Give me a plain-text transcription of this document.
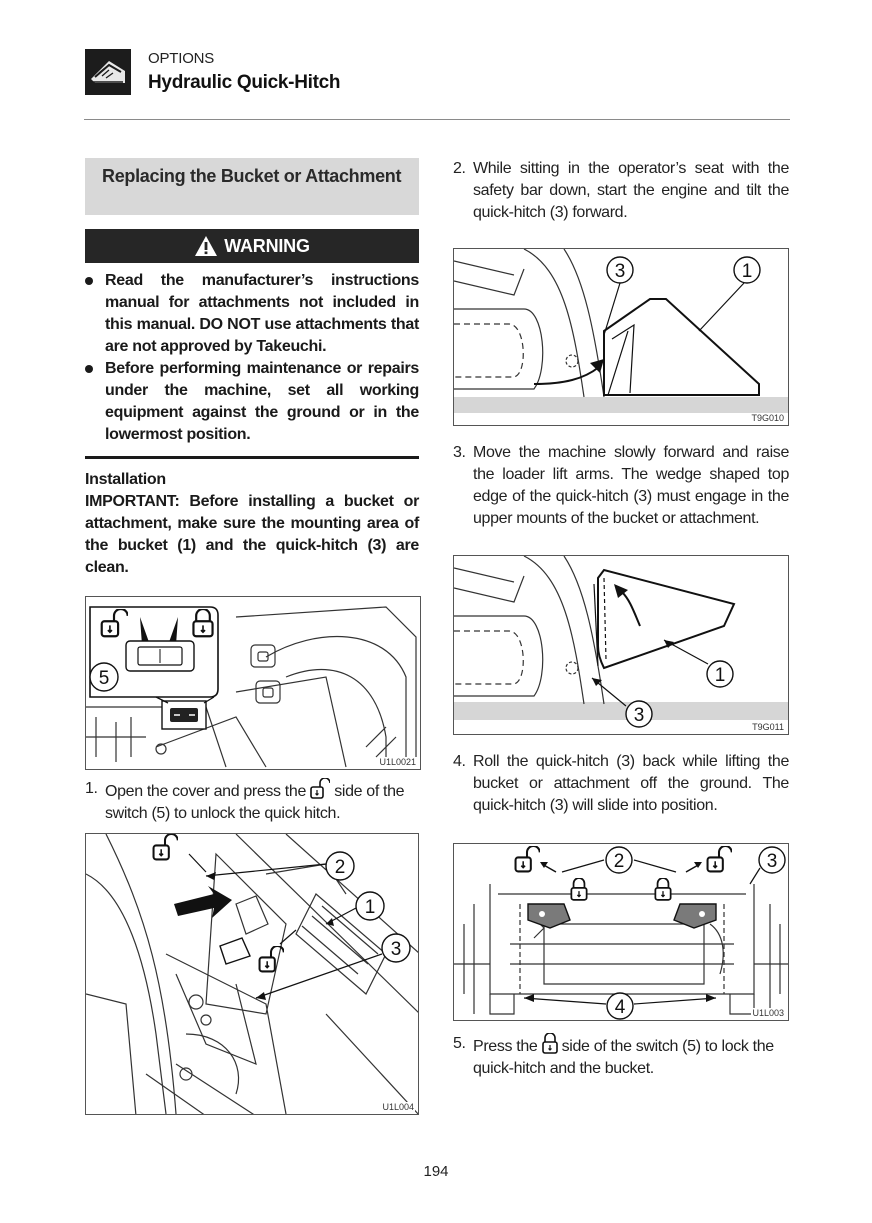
OPTIONS
Hydraulic Quick-Hitch
Replacing the Bucket or Attachment
WARNING
Read the manufacturer’s instructions manual for attachments not included in this manual. DO NOT use attachments that are not approved by Takeuchi.
Before performing maintenance or repairs under the machine, set all working equipment against the ground or in the lowermost position.
Installation
IMPORTANT: Before installing a bucket or attachment, make sure the mounting area of the bucket (1) and the quick-hitch (3) are clean.
5
U1L0021
1. Open the cover and press the side of the switch (5) to unlock the quick hitch.
2
1
3
U1L004
2. While sitting in the operator’s seat with the safety bar down, start the engine and tilt the quick-hitch (3) forward.
3	1
T9G010
3. Move the machine slowly forward and raise the loader lift arms. The wedge shaped top edge of the quick-hitch (3) must engage in the upper mounts of the bucket or attachment.
1
3
T9G011
4. Roll the quick-hitch (3) back while lifting the bucket or attachment off the ground. The quick-hitch (3) will slide into position.
2	3
4	U1L003
5. Press the side of the switch (5) to lock the quick-hitch and the bucket.
194
